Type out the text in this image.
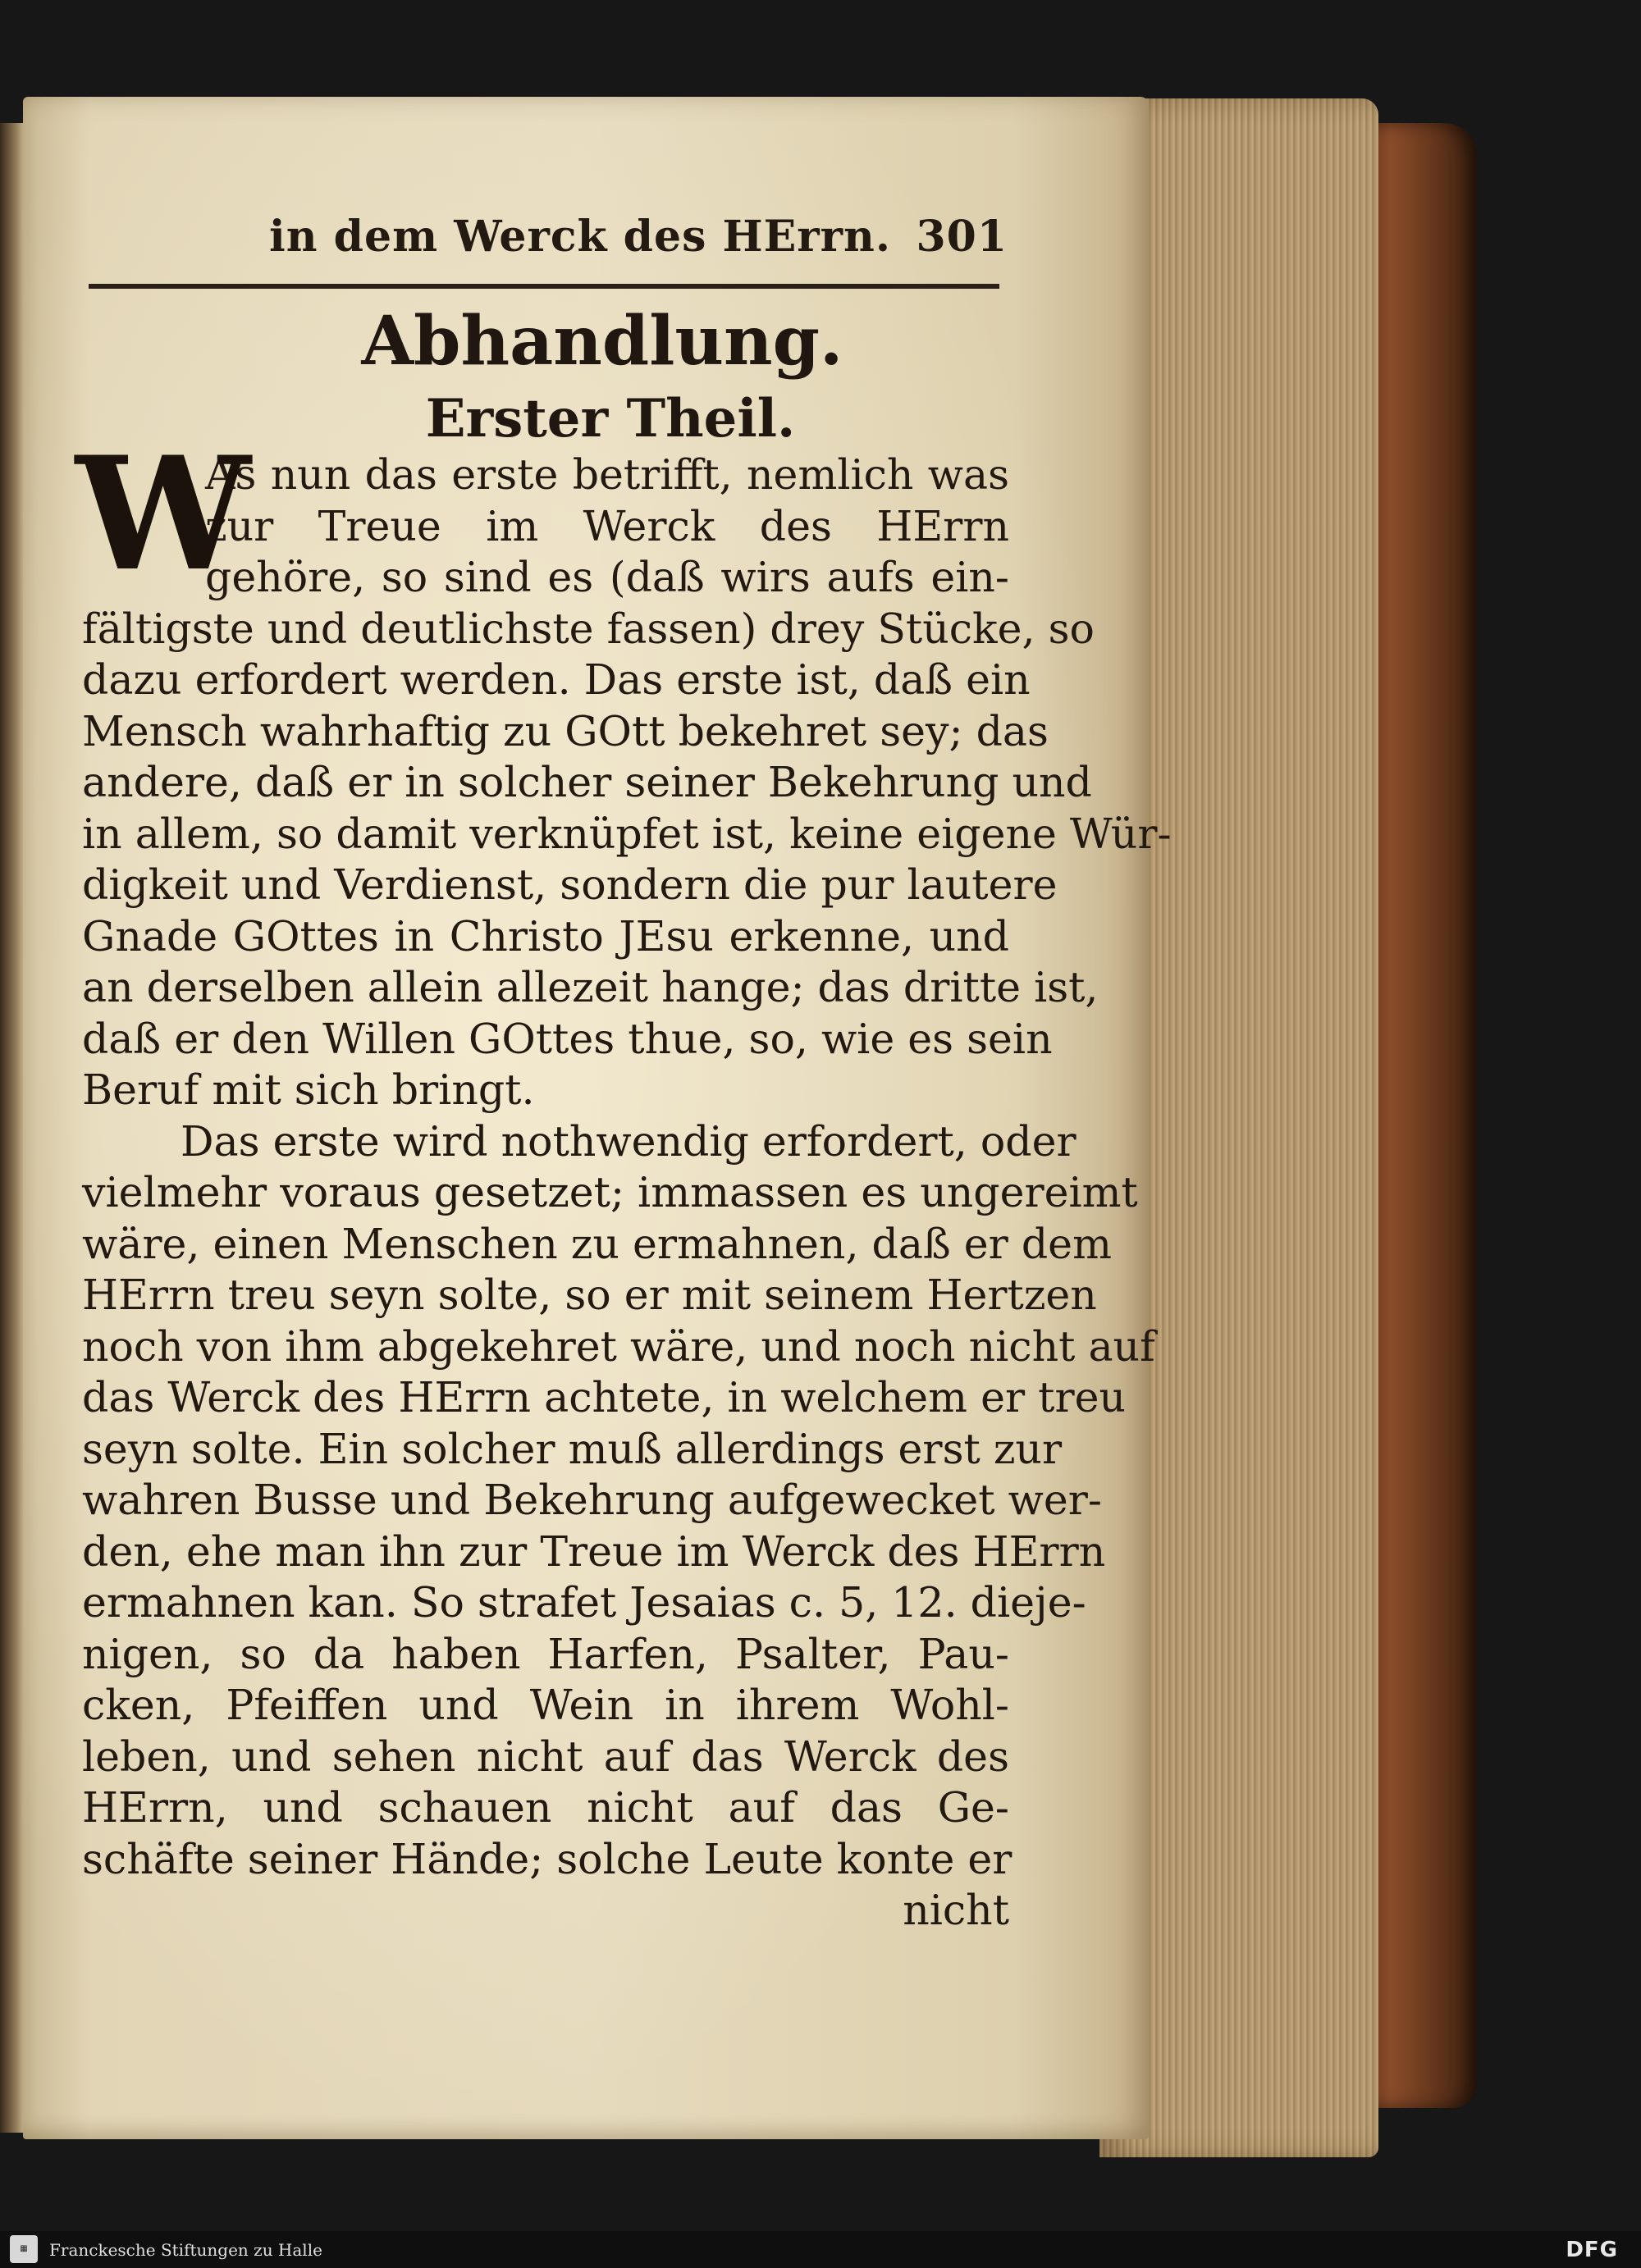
in dem Werck des HErrn. 301
Abhandlung.
Erster Theil.
W
As nun das erste betrifft, nemlich was
zur Treue im Werck des HErrn
gehöre, so sind es (daß wirs aufs ein-
fältigste und deutlichste fassen) drey Stücke, so
dazu erfordert werden. Das erste ist, daß ein
Mensch wahrhaftig zu GOtt bekehret sey; das
andere, daß er in solcher seiner Bekehrung und
in allem, so damit verknüpfet ist, keine eigene Wür-
digkeit und Verdienst, sondern die pur lautere
Gnade GOttes in Christo JEsu erkenne, und
an derselben allein allezeit hange; das dritte ist,
daß er den Willen GOttes thue, so, wie es sein
Beruf mit sich bringt.
Das erste wird nothwendig erfordert, oder
vielmehr voraus gesetzet; immassen es ungereimt
wäre, einen Menschen zu ermahnen, daß er dem
HErrn treu seyn solte, so er mit seinem Hertzen
noch von ihm abgekehret wäre, und noch nicht auf
das Werck des HErrn achtete, in welchem er treu
seyn solte. Ein solcher muß allerdings erst zur
wahren Busse und Bekehrung aufgewecket wer-
den, ehe man ihn zur Treue im Werck des HErrn
ermahnen kan. So strafet Jesaias c. 5, 12. dieje-
nigen, so da haben Harfen, Psalter, Pau-
cken, Pfeiffen und Wein in ihrem Wohl-
leben, und sehen nicht auf das Werck des
HErrn, und schauen nicht auf das Ge-
schäfte seiner Hände; solche Leute konte er
nicht
▦	Franckesche Stiftungen zu Halle	DFG
